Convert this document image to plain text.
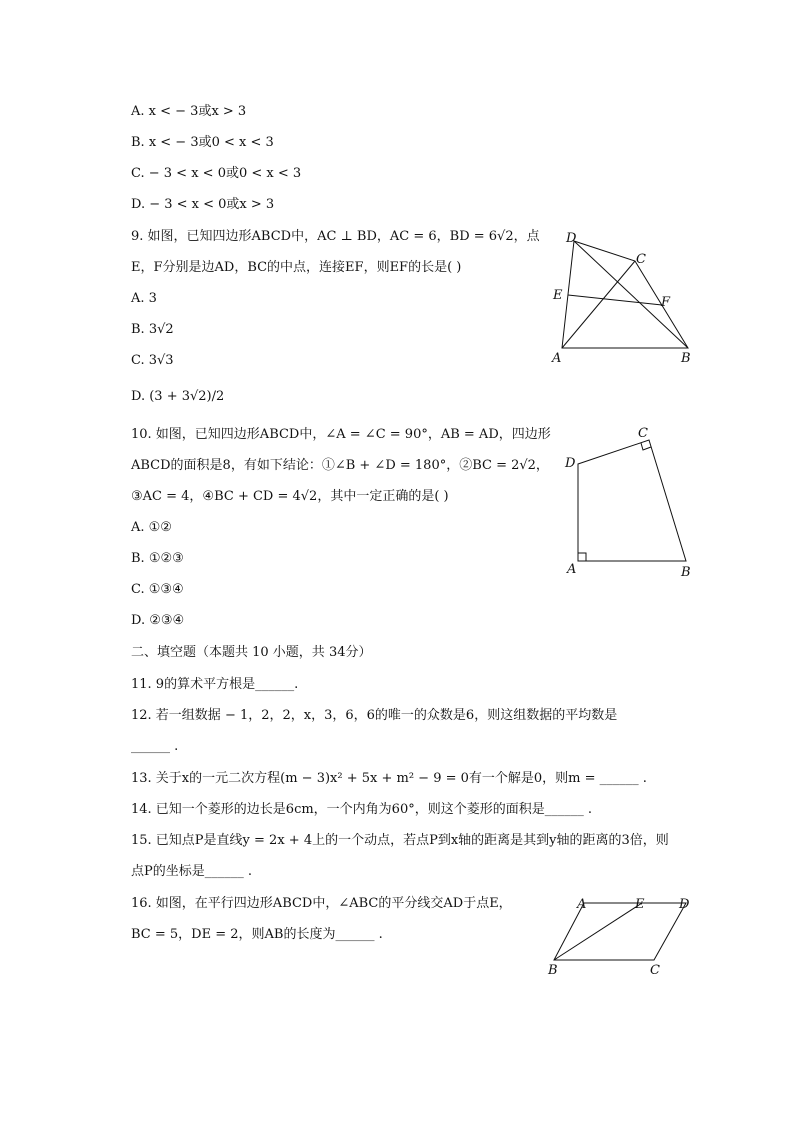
A. x < − 3或x > 3
B. x < − 3或0 < x < 3
C. − 3 < x < 0或0 < x < 3
D. − 3 < x < 0或x > 3
9. 如图，已知四边形ABCD中，AC ⊥ BD，AC = 6，BD = 6√2，点
E，F分别是边AD，BC的中点，连接EF，则EF的长是( )
A. 3
B. 3√2
C. 3√3
D. (3 + 3√2)/2
D
C
E	F
A	B
10. 如图，已知四边形ABCD中，∠A = ∠C = 90°，AB = AD，四边形
ABCD的面积是8，有如下结论：①∠B + ∠D = 180°，②BC = 2√2，
③AC = 4，④BC + CD = 4√2，其中一定正确的是( )
A. ①②
B. ①②③
C. ①③④
D. ②③④
C
D
A	B
二、填空题（本题共 10 小题，共 34分）
11. 9的算术平方根是______.
12. 若一组数据 − 1，2，2，x，3，6，6的唯一的众数是6，则这组数据的平均数是
______ .
13. 关于x的一元二次方程(m − 3)x² + 5x + m² − 9 = 0有一个解是0，则m = ______ .
14. 已知一个菱形的边长是6cm，一个内角为60°，则这个菱形的面积是______ .
15. 已知点P是直线y = 2x + 4上的一个动点，若点P到x轴的距离是其到y轴的距离的3倍，则
点P的坐标是______ .
16. 如图，在平行四边形ABCD中，∠ABC的平分线交AD于点E，
BC = 5，DE = 2，则AB的长度为______ .
A	E	D
B	C
